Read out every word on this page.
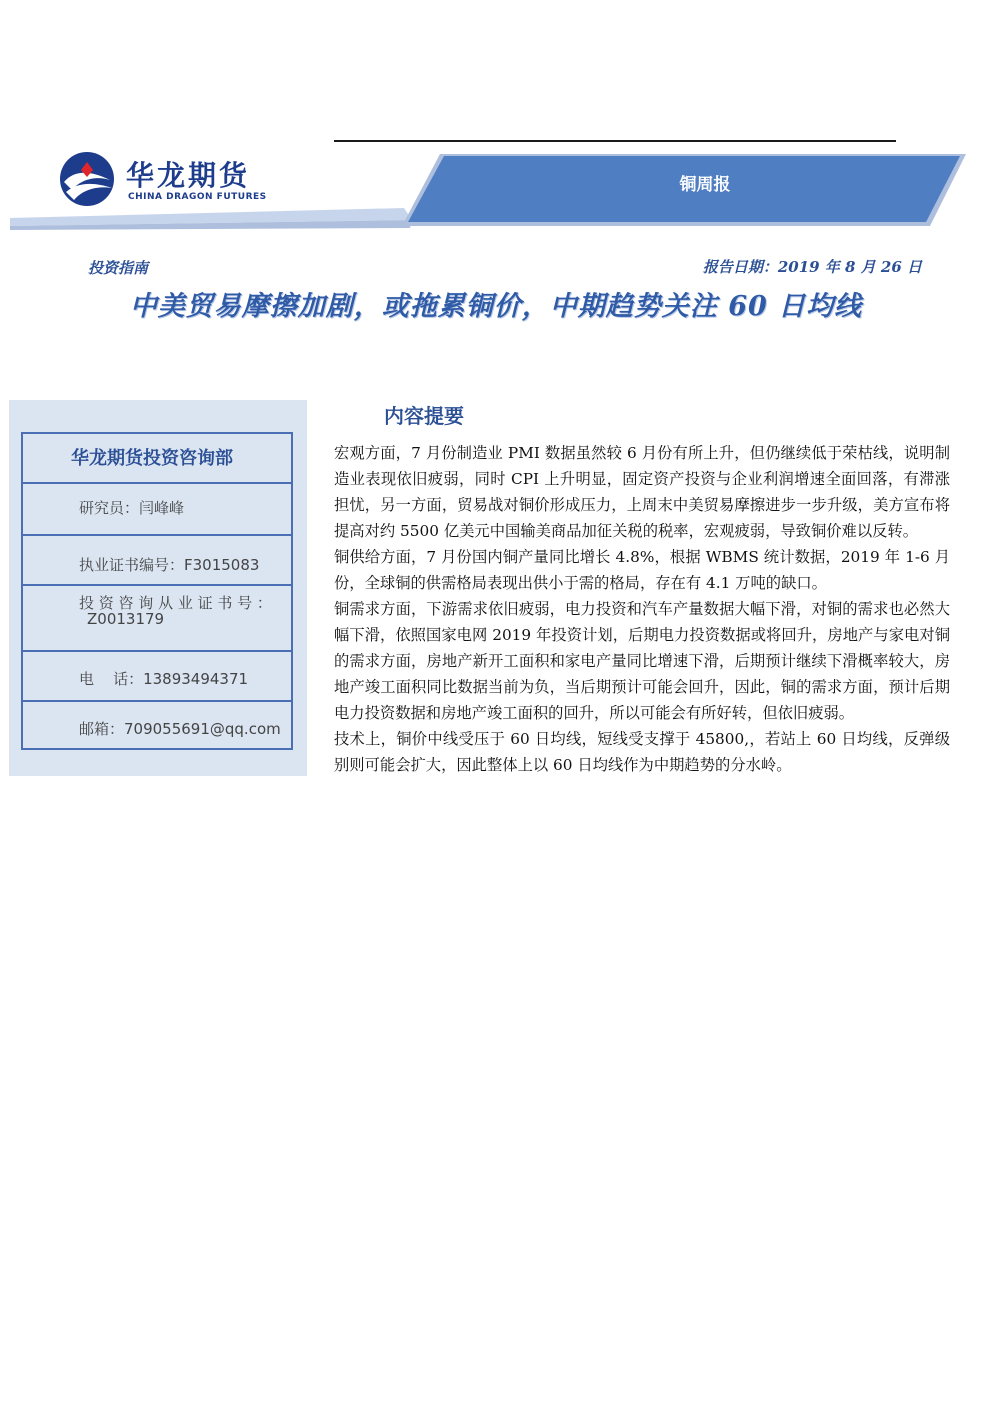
华龙期货
CHINA DRAGON FUTURES
铜周报
投资指南	报告日期：2019 年 8 月 26 日
中美贸易摩擦加剧，或拖累铜价，中期趋势关注 60 日均线
华龙期货投资咨询部
研究员：闫峰峰
执业证书编号：F3015083
投 资 咨 询 从 业 证 书 号 ：
Z0013179
电    话：13893494371
邮箱：709055691@qq.com
内容提要

宏观方面，7 月份制造业 PMI 数据虽然较 6 月份有所上升，但仍继续低于荣枯线，说明制造业表现依旧疲弱，同时 CPI 上升明显，固定资产投资与企业利润增速全面回落，有滞涨担忧，另一方面，贸易战对铜价形成压力，上周末中美贸易摩擦进步一步升级，美方宣布将提高对约 5500 亿美元中国输美商品加征关税的税率，宏观疲弱，导致铜价难以反转。

铜供给方面，7 月份国内铜产量同比增长 4.8%，根据 WBMS 统计数据，2019 年 1-6 月份，全球铜的供需格局表现出供小于需的格局，存在有 4.1 万吨的缺口。

铜需求方面，下游需求依旧疲弱，电力投资和汽车产量数据大幅下滑，对铜的需求也必然大幅下滑，依照国家电网 2019 年投资计划，后期电力投资数据或将回升，房地产与家电对铜的需求方面，房地产新开工面积和家电产量同比增速下滑，后期预计继续下滑概率较大，房地产竣工面积同比数据当前为负，当后期预计可能会回升，因此，铜的需求方面，预计后期电力投资数据和房地产竣工面积的回升，所以可能会有所好转，但依旧疲弱。

技术上，铜价中线受压于 60 日均线，短线受支撑于 45800,，若站上 60 日均线，反弹级别则可能会扩大，因此整体上以 60 日均线作为中期趋势的分水岭。
